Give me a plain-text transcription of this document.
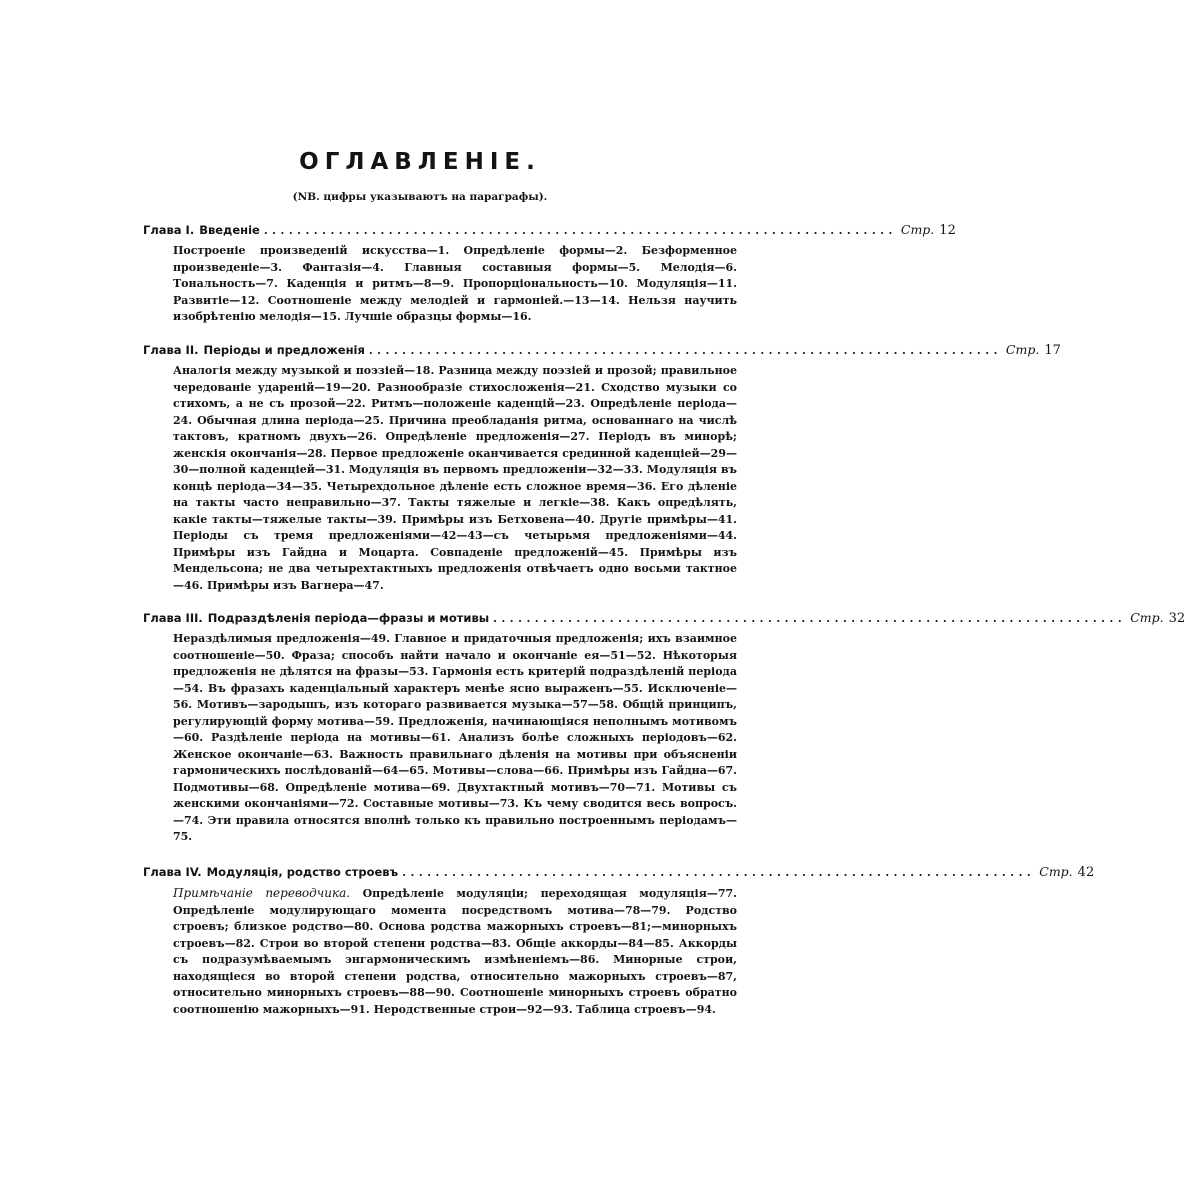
ОГЛАВЛЕНІЕ.
(NB. цифры указываютъ на параграфы).
Глава I. Введеніе ............................................................................ Стр. 12
Построеніе произведеній искусства—1. Опредѣленіе формы—2. Безформенное произведеніе—3. Фантазія—4. Главныя составныя формы—5. Мелодія—6. Тональность—7. Каденція и ритмъ—8—9. Пропорціональность—10. Модуляція—11. Развитіе—12. Соотношеніе между мелодіей и гармоніей.—13—14. Нельзя научить изобрѣтенію мелодія—15. Лучшіе образцы формы—16.
Глава II. Періоды и предложенія ............................................................................ Стр. 17
Аналогія между музыкой и поэзіей—18. Разница между поэзіей и прозой; правильное чередованіе удареній—19—20. Разнообразіе стихосложенія—21. Сходство музыки со стихомъ, а не съ прозой—22. Ритмъ—положеніе каденцій—23. Опредѣленіе періода—24. Обычная длина періода—25. Причина преобладанія ритма, основаннаго на числѣ тактовъ, кратномъ двухъ—26. Опредѣленіе предложенія—27. Періодъ въ минорѣ; женскія окончанія—28. Первое предложеніе оканчивается срединной каденціей—29—30—полной каденціей—31. Модуляція въ первомъ предложеніи—32—33. Модуляція въ концѣ періода—34—35. Четырехдольное дѣленіе есть сложное время—36. Его дѣленіе на такты часто неправильно—37. Такты тяжелые и легкіе—38. Какъ опредѣлять, какіе такты—тяжелые такты—39. Примѣры изъ Бетховена—40. Другіе примѣры—41. Періоды съ тремя предложеніями—42—43—съ четырьмя предложеніями—44. Примѣры изъ Гайдна и Моцарта. Совпаденіе предложеній—45. Примѣры изъ Мендельсона; не два четырехтактныхъ предложенія отвѣчаетъ одно восьми тактное—46. Примѣры изъ Вагнера—47.
Глава III. Подраздѣленія періода—фразы и мотивы ............................................................................ Стр. 32
Нераздѣлимыя предложенія—49. Главное и придаточныя предложенія; ихъ взаимное соотношеніе—50. Фраза; способъ найти начало и окончаніе ея—51—52. Нѣкоторыя предложенія не дѣлятся на фразы—53. Гармонія есть критерій подраздѣленій періода—54. Въ фразахъ каденціальный характеръ менѣе ясно выраженъ—55. Исключеніе—56. Мотивъ—зародышъ, изъ котораго развивается музыка—57—58. Общій принципъ, регулирующій форму мотива—59. Предложенія, начинающіяся неполнымъ мотивомъ—60. Раздѣленіе періода на мотивы—61. Анализъ болѣе сложныхъ періодовъ—62. Женское окончаніе—63. Важность правильнаго дѣленія на мотивы при объясненіи гармоническихъ послѣдованій—64—65. Мотивы—слова—66. Примѣры изъ Гайдна—67. Подмотивы—68. Опредѣленіе мотива—69. Двухтактный мотивъ—70—71. Мотивы съ женскими окончаніями—72. Составные мотивы—73. Къ чему сводится весь вопросъ.—74. Эти правила относятся вполнѣ только къ правильно построеннымъ періодамъ—75.
Глава IV. Модуляція, родство строевъ ............................................................................ Стр. 42
Примѣчаніе переводчика. Опредѣленіе модуляціи; переходящая модуляція—77. Опредѣленіе модулирующаго момента посредствомъ мотива—78—79. Родство строевъ; близкое родство—80. Основа родства мажорныхъ строевъ—81;—минорныхъ строевъ—82. Строи во второй степени родства—83. Общіе аккорды—84—85. Аккорды съ подразумѣваемымъ энгармоническимъ измѣненіемъ—86. Минорные строи, находящіеся во второй степени родства, относительно мажорныхъ строевъ—87, относительно минорныхъ строевъ—88—90. Соотношеніе минорныхъ строевъ обратно соотношенію мажорныхъ—91. Неродственные строи—92—93. Таблица строевъ—94.
